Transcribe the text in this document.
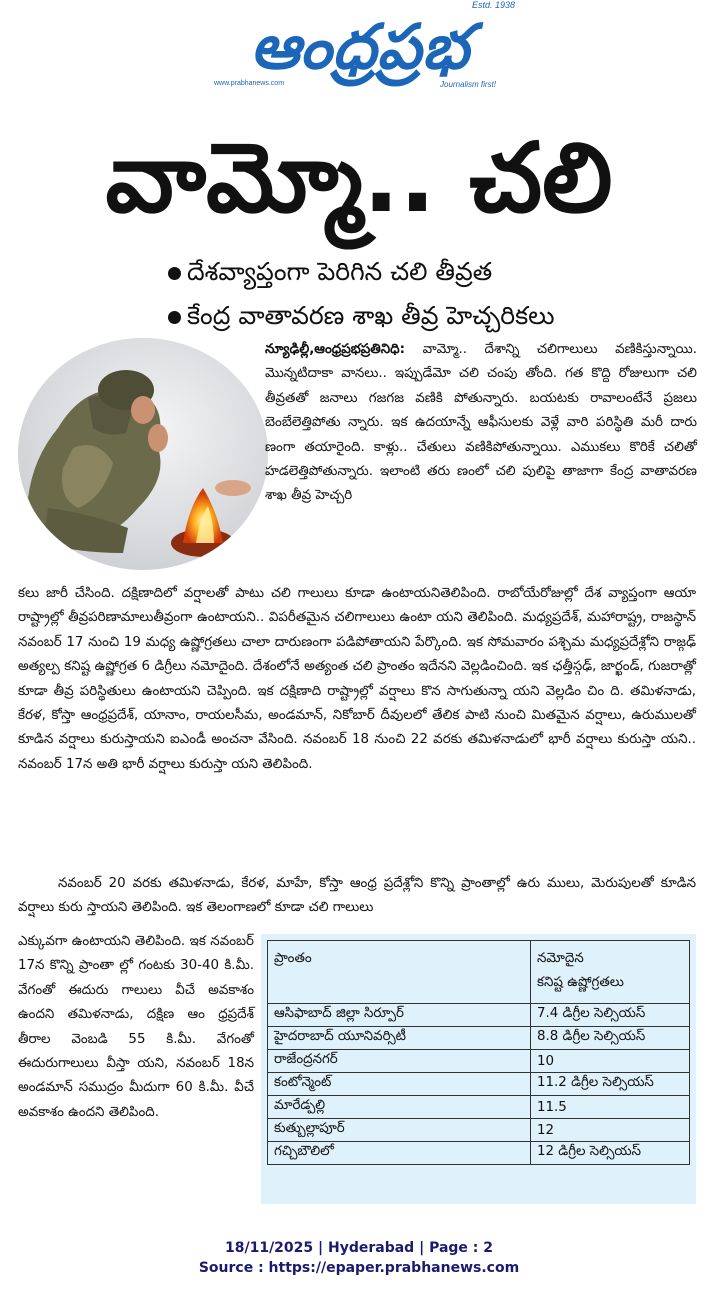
ఆంధ్రప్రభ
Estd. 1938
www.prabhanews.com	Journalism first!
వామ్మో.. చలి
దేశవ్యాప్తంగా పెరిగిన చలి తీవ్రత
కేంద్ర వాతావరణ శాఖ తీవ్ర హెచ్చరికలు
న్యూఢిల్లీ,ఆంధ్రప్రభప్రతినిధి: వామ్మో.. దేశాన్ని చలిగాలులు వణికిస్తున్నాయి. మొన్నటిదాకా వానలు.. ఇప్పుడేమో చలి చంపు తోంది. గత కొద్ది రోజులుగా చలి తీవ్రతతో జనాలు గజగజ వణికి పోతున్నారు. బయటకు రావాలంటేనే ప్రజలు బెంబేలెత్తిపోతు న్నారు. ఇక ఉదయాన్నే ఆఫీసులకు వెళ్లే వారి పరిస్థితి మరీ దారు ణంగా తయారైంది. కాళ్లు.. చేతులు వణికిపోతున్నాయి. ఎముకలు కొరికే చలితో హడలెత్తిపోతున్నారు. ఇలాంటి తరు ణంలో చలి పులిపై తాజాగా కేంద్ర వాతావరణ శాఖ తీవ్ర హెచ్చరి
కలు జారీ చేసింది. దక్షిణాదిలో వర్షాలతో పాటు చలి గాలులు కూడా ఉంటాయనితెలిపింది. రాబోయేరోజుల్లో దేశ వ్యాప్తంగా ఆయా రాష్ట్రాల్లో తీవ్రపరిణామాలుతీవ్రంగా ఉంటాయని.. విపరీతమైన చలిగాలులు ఉంటా యని తెలిపింది. మధ్యప్రదేశ్, మహారాష్ట్ర, రాజస్థాన్ నవంబర్ 17 నుంచి 19 మధ్య ఉష్ణోగ్రతలు చాలా దారుణంగా పడిపోతాయని పేర్కొంది. ఇక సోమవారం పశ్చిమ మధ్యప్రదేశ్లోని రాజ్గఢ్ అత్యల్ప కనిష్ట ఉష్ణోగ్రత 6 డిగ్రీలు నమోదైంది. దేశంలోనే అత్యంత చలి ప్రాంతం ఇదేనని వెల్లడించింది. ఇక ఛత్తీస్గఢ్, జార్ఖండ్, గుజరాత్లో కూడా తీవ్ర పరిస్థితులు ఉంటాయని చెప్పింది. ఇక దక్షిణాది రాష్ట్రాల్లో వర్షాలు కొన సాగుతున్నా యని వెల్లడిం చిం ది. తమిళనాడు, కేరళ, కోస్తా ఆంధ్రప్రదేశ్, యానాం, రాయలసీమ, అండమాన్, నికోబార్ దీవులలో తేలిక పాటి నుంచి మితమైన వర్షాలు, ఉరుములతో కూడిన వర్షాలు కురుస్తాయని ఐఎండీ అంచనా వేసింది. నవంబర్ 18 నుంచి 22 వరకు తమిళనాడులో భారీ వర్షాలు కురుస్తా యని.. నవంబర్ 17న అతి భారీ వర్షాలు కురుస్తా యని తెలిపింది.
నవంబర్ 20 వరకు తమిళనాడు, కేరళ, మాహే, కోస్తా ఆంధ్ర ప్రదేశ్లోని కొన్ని ప్రాంతాల్లో ఉరు ములు, మెరుపులతో కూడిన వర్షాలు కురు స్తాయని తెలిపింది. ఇక తెలంగాణలో కూడా చలి గాలులు
ఎక్కువగా ఉంటాయని తెలిపింది. ఇక నవంబర్ 17న కొన్ని ప్రాంతా ల్లో గంటకు 30-40 కి.మీ. వేగంతో ఈదురు గాలులు వీచే అవకాశం ఉందని తమిళనాడు, దక్షిణ ఆం ధ్రప్రదేశ్ తీరాల వెంబడి 55 కి.మీ. వేగంతో ఈదురుగాలులు వీస్తా యని, నవంబర్ 18న అండమాన్ సముద్రం మీదుగా 60 కి.మీ. వీచే అవకాశం ఉందని తెలిపింది.
ప్రాంతం	నమోదైన
కనిష్ట ఉష్ణోగ్రతలు

ఆసిఫాబాద్ జిల్లా సిర్పూర్	7.4 డిగ్రీల సెల్సియస్
హైదరాబాద్ యూనివర్సిటీ	8.8 డిగ్రీల సెల్సియస్
రాజేంద్రనగర్	10
కంటోన్మెంట్	11.2 డిగ్రీల సెల్సియస్
మారేడ్పల్లి	11.5
కుత్బుల్లాపూర్	12
గచ్చిబౌలిలో	12 డిగ్రీల సెల్సియస్
18/11/2025 | Hyderabad | Page : 2
Source : https://epaper.prabhanews.com
